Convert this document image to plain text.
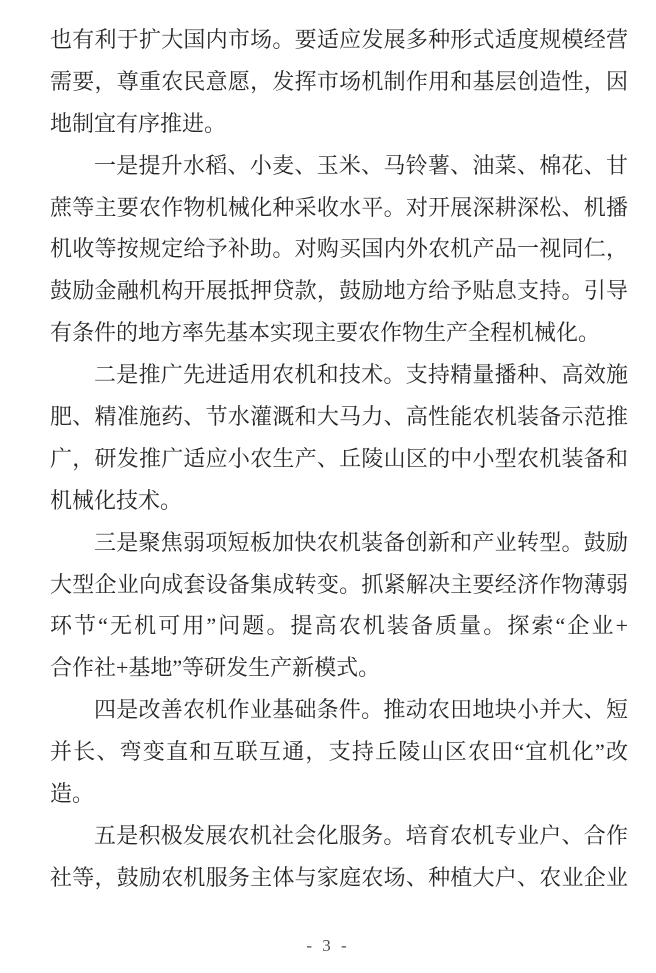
也有利于扩大国内市场。要适应发展多种形式适度规模经营
需要，尊重农民意愿，发挥市场机制作用和基层创造性，因
地制宜有序推进。
一是提升水稻、小麦、玉米、马铃薯、油菜、棉花、甘
蔗等主要农作物机械化种采收水平。对开展深耕深松、机播
机收等按规定给予补助。对购买国内外农机产品一视同仁，
鼓励金融机构开展抵押贷款，鼓励地方给予贴息支持。引导
有条件的地方率先基本实现主要农作物生产全程机械化。
二是推广先进适用农机和技术。支持精量播种、高效施
肥、精准施药、节水灌溉和大马力、高性能农机装备示范推
广，研发推广适应小农生产、丘陵山区的中小型农机装备和
机械化技术。
三是聚焦弱项短板加快农机装备创新和产业转型。鼓励
大型企业向成套设备集成转变。抓紧解决主要经济作物薄弱
环节“无机可用”问题。提高农机装备质量。探索“企业+
合作社+基地”等研发生产新模式。
四是改善农机作业基础条件。推动农田地块小并大、短
并长、弯变直和互联互通，支持丘陵山区农田“宜机化”改
造。
五是积极发展农机社会化服务。培育农机专业户、合作
社等，鼓励农机服务主体与家庭农场、种植大户、农业企业
- 3 -
